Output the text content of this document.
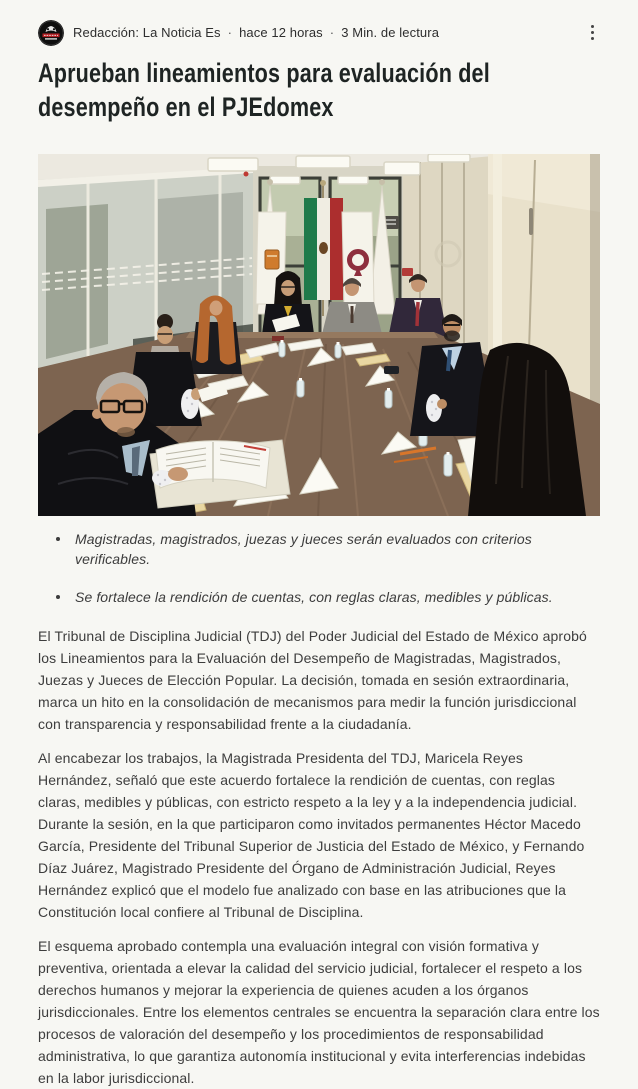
Redacción: La Noticia Es · hace 12 horas · 3 Min. de lectura
Aprueban lineamientos para evaluación del desempeño en el PJEdomex
Magistradas, magistrados, juezas y jueces serán evaluados con criterios verificables.
Se fortalece la rendición de cuentas, con reglas claras, medibles y públicas.

El Tribunal de Disciplina Judicial (TDJ) del Poder Judicial del Estado de México aprobó los Lineamientos para la Evaluación del Desempeño de Magistradas, Magistrados, Juezas y Jueces de Elección Popular. La decisión, tomada en sesión extraordinaria, marca un hito en la consolidación de mecanismos para medir la función jurisdiccional con transparencia y responsabilidad frente a la ciudadanía.

Al encabezar los trabajos, la Magistrada Presidenta del TDJ, Maricela Reyes Hernández, señaló que este acuerdo fortalece la rendición de cuentas, con reglas claras, medibles y públicas, con estricto respeto a la ley y a la independencia judicial. Durante la sesión, en la que participaron como invitados permanentes Héctor Macedo García, Presidente del Tribunal Superior de Justicia del Estado de México, y Fernando Díaz Juárez, Magistrado Presidente del Órgano de Administración Judicial, Reyes Hernández explicó que el modelo fue analizado con base en las atribuciones que la Constitución local confiere al Tribunal de Disciplina.

El esquema aprobado contempla una evaluación integral con visión formativa y preventiva, orientada a elevar la calidad del servicio judicial, fortalecer el respeto a los derechos humanos y mejorar la experiencia de quienes acuden a los órganos jurisdiccionales. Entre los elementos centrales se encuentra la separación clara entre los procesos de valoración del desempeño y los procedimientos de responsabilidad administrativa, lo que garantiza autonomía institucional y evita interferencias indebidas en la labor jurisdiccional.
